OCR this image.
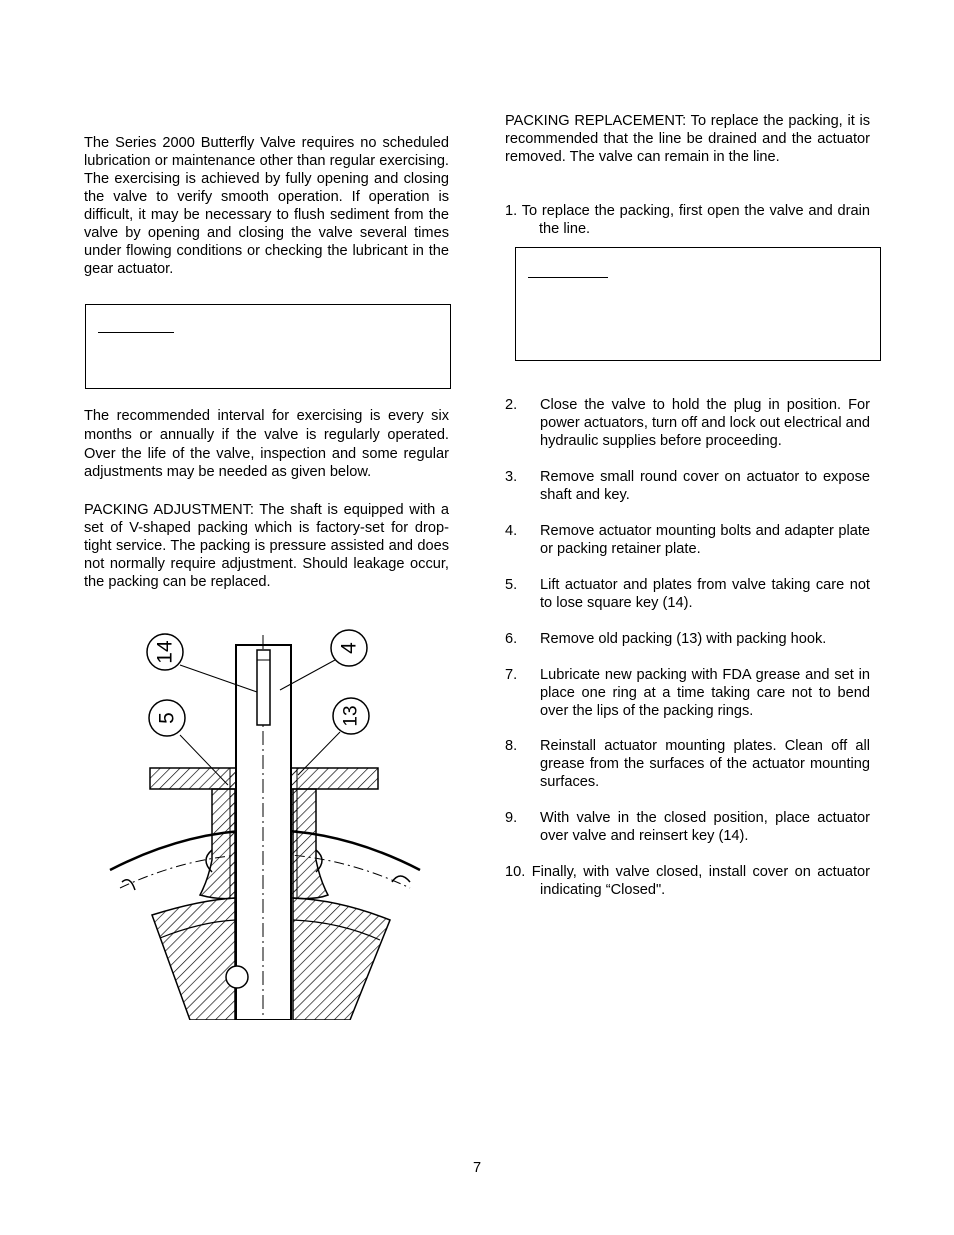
The Series 2000 Butterfly Valve requires no scheduled lubrication or maintenance other than regular exercising. The exercising is achieved by fully opening and closing the valve to verify smooth operation. If operation is difficult, it may be necessary to flush sediment from the valve by opening and closing the valve several times under flowing conditions or checking the lubricant in the gear actuator.

The recommended interval for exercising is every six months or annually if the valve is regularly operated. Over the life of the valve, inspection and some regular adjustments may be needed as given below.

PACKING ADJUSTMENT: The shaft is equipped with a set of V-shaped packing which is factory-set for drop-tight service. The packing is pressure assisted and does not normally require adjustment. Should leakage occur, the packing can be replaced.

14	4
5	13

PACKING REPLACEMENT: To replace the packing, it is recommended that the line be drained and the actuator removed. The valve can remain in the line.

1. To replace the packing, first open the valve and drain the line.

2. Close the valve to hold the plug in position. For power actuators, turn off and lock out electrical and hydraulic supplies before proceeding.
3. Remove small round cover on actuator to expose shaft and key.
4. Remove actuator mounting bolts and adapter plate or packing retainer plate.
5. Lift actuator and plates from valve taking care not to lose square key (14).
6. Remove old packing (13) with packing hook.
7. Lubricate new packing with FDA grease and set in place one ring at a time taking care not to bend over the lips of the packing rings.
8. Reinstall actuator mounting plates. Clean off all grease from the surfaces of the actuator mounting surfaces.
9. With valve in the closed position, place actuator over valve and reinsert key (14).
10. Finally, with valve closed, install cover on actuator indicating “Closed".
7
